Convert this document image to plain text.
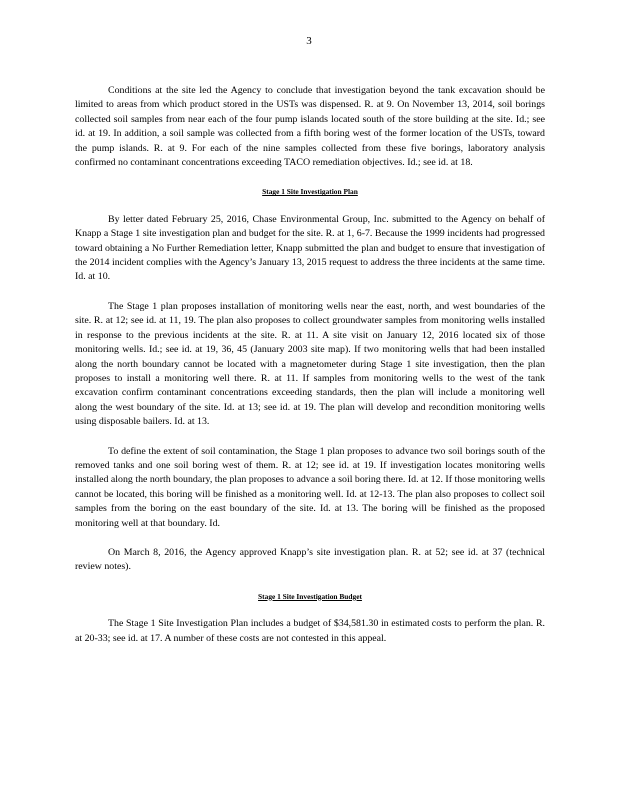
3

Conditions at the site led the Agency to conclude that investigation beyond the tank excavation should be limited to areas from which product stored in the USTs was dispensed. R. at 9. On November 13, 2014, soil borings collected soil samples from near each of the four pump islands located south of the store building at the site. Id.; see id. at 19. In addition, a soil sample was collected from a fifth boring west of the former location of the USTs, toward the pump islands. R. at 9. For each of the nine samples collected from these five borings, laboratory analysis confirmed no contaminant concentrations exceeding TACO remediation objectives. Id.; see id. at 18.

Stage 1 Site Investigation Plan

By letter dated February 25, 2016, Chase Environmental Group, Inc. submitted to the Agency on behalf of Knapp a Stage 1 site investigation plan and budget for the site. R. at 1, 6-7. Because the 1999 incidents had progressed toward obtaining a No Further Remediation letter, Knapp submitted the plan and budget to ensure that investigation of the 2014 incident complies with the Agency’s January 13, 2015 request to address the three incidents at the same time. Id. at 10.

The Stage 1 plan proposes installation of monitoring wells near the east, north, and west boundaries of the site. R. at 12; see id. at 11, 19. The plan also proposes to collect groundwater samples from monitoring wells installed in response to the previous incidents at the site. R. at 11. A site visit on January 12, 2016 located six of those monitoring wells. Id.; see id. at 19, 36, 45 (January 2003 site map). If two monitoring wells that had been installed along the north boundary cannot be located with a magnetometer during Stage 1 site investigation, then the plan proposes to install a monitoring well there. R. at 11. If samples from monitoring wells to the west of the tank excavation confirm contaminant concentrations exceeding standards, then the plan will include a monitoring well along the west boundary of the site. Id. at 13; see id. at 19. The plan will develop and recondition monitoring wells using disposable bailers. Id. at 13.

To define the extent of soil contamination, the Stage 1 plan proposes to advance two soil borings south of the removed tanks and one soil boring west of them. R. at 12; see id. at 19. If investigation locates monitoring wells installed along the north boundary, the plan proposes to advance a soil boring there. Id. at 12. If those monitoring wells cannot be located, this boring will be finished as a monitoring well. Id. at 12-13. The plan also proposes to collect soil samples from the boring on the east boundary of the site. Id. at 13. The boring will be finished as the proposed monitoring well at that boundary. Id.

On March 8, 2016, the Agency approved Knapp’s site investigation plan. R. at 52; see id. at 37 (technical review notes).

Stage 1 Site Investigation Budget

The Stage 1 Site Investigation Plan includes a budget of $34,581.30 in estimated costs to perform the plan. R. at 20-33; see id. at 17. A number of these costs are not contested in this appeal.
